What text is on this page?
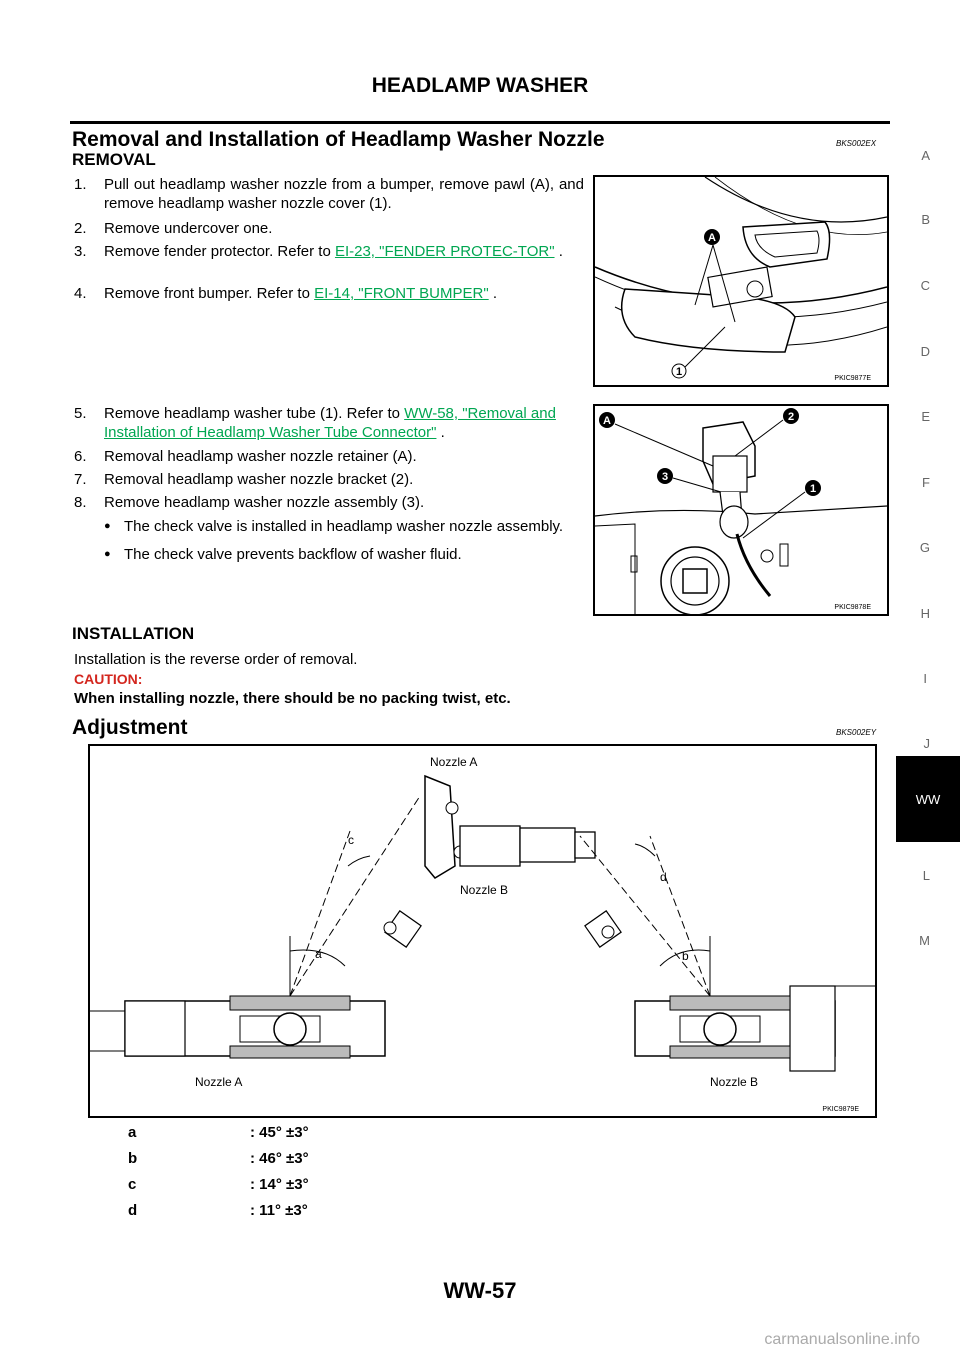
HEADLAMP WASHER
Removal and Installation of Headlamp Washer Nozzle	BKS002EX
REMOVAL
1. Pull out headlamp washer nozzle from a bumper, remove pawl (A), and remove headlamp washer nozzle cover (1).
2. Remove undercover one.
3. Remove fender protector. Refer to EI-23, "FENDER PROTEC-TOR" .
4. Remove front bumper. Refer to EI-14, "FRONT BUMPER" .
A
1
PKIC9877E
5. Remove headlamp washer tube (1). Refer to WW-58, "Removal and Installation of Headlamp Washer Tube Connector" .
6. Removal headlamp washer nozzle retainer (A).
7. Removal headlamp washer nozzle bracket (2).
8. Remove headlamp washer nozzle assembly (3).
● The check valve is installed in headlamp washer nozzle assembly.
● The check valve prevents backflow of washer fluid.
A	2
3
1
PKIC9878E
INSTALLATION
Installation is the reverse order of removal.
CAUTION:
When installing nozzle, there should be no packing twist, etc.
Adjustment	BKS002EY
Nozzle A
Nozzle B
a
c
b
d
Nozzle A	Nozzle B
PKIC9879E
a	: 45° ±3°
b	: 46° ±3°
c	: 14° ±3°
d	: 11° ±3°
A
B
C
D
E
F
G
H
I
J
WW
L
M
WW-57
carmanualsonline.info
